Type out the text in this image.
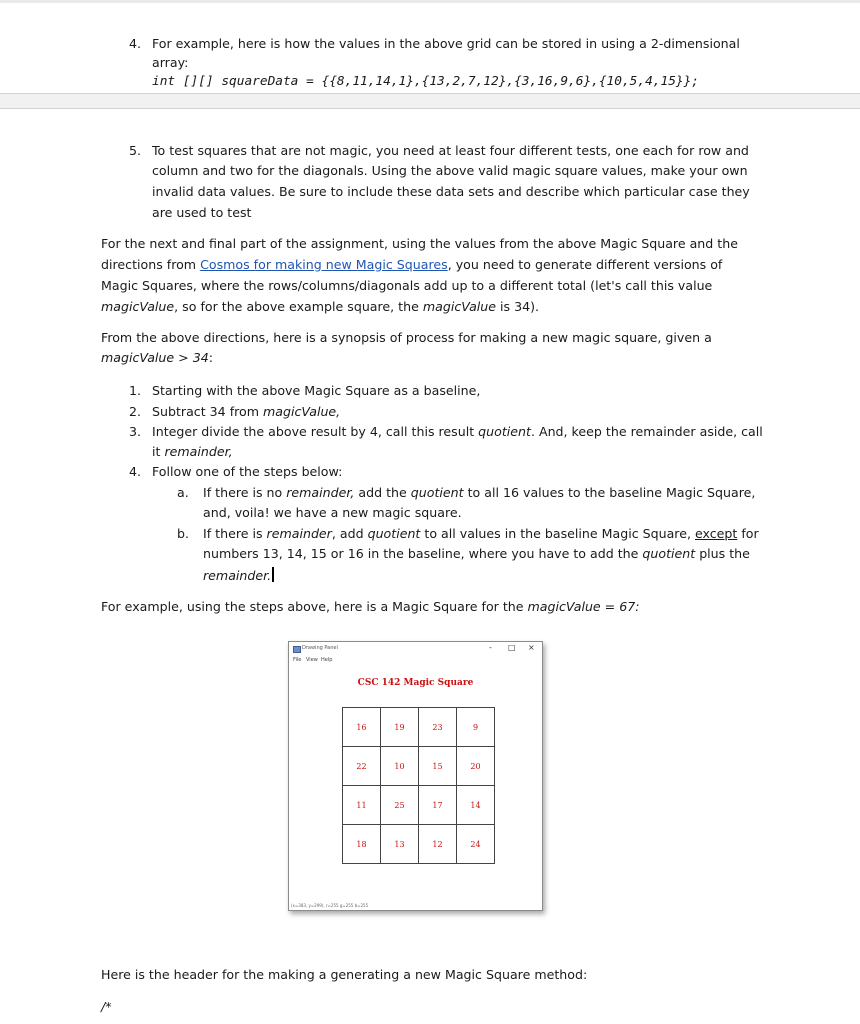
4. For example, here is how the values in the above grid can be stored in using a 2-dimensional
array:
int [][] squareData = {{8,11,14,1},{13,2,7,12},{3,16,9,6},{10,5,4,15}};
5. To test squares that are not magic, you need at least four different tests, one each for row and
column and two for the diagonals. Using the above valid magic square values, make your own
invalid data values. Be sure to include these data sets and describe which particular case they
are used to test
For the next and final part of the assignment, using the values from the above Magic Square and the
directions from Cosmos for making new Magic Squares, you need to generate different versions of
Magic Squares, where the rows/columns/diagonals add up to a different total (let's call this value
magicValue, so for the above example square, the magicValue is 34).
From the above directions, here is a synopsis of process for making a new magic square, given a
magicValue > 34:
1. Starting with the above Magic Square as a baseline,
2. Subtract 34 from magicValue,
3. Integer divide the above result by 4, call this result quotient. And, keep the remainder aside, call
it remainder,
4. Follow one of the steps below:
a. If there is no remainder, add the quotient to all 16 values to the baseline Magic Square,
and, voila! we have a new magic square.
b. If there is remainder, add quotient to all values in the baseline Magic Square, except for
numbers 13, 14, 15 or 16 in the baseline, where you have to add the quotient plus the
remainder.
For example, using the steps above, here is a Magic Square for the magicValue = 67:
Drawing Panel	- □ ×
File View Help
CSC 142 Magic Square
16	19	23	9
22	10	15	20
11	25	17	14
18	13	12	24
(x=383, y=299), r=255 g=255 b=255
Here is the header for the making a generating a new Magic Square method:
/*
